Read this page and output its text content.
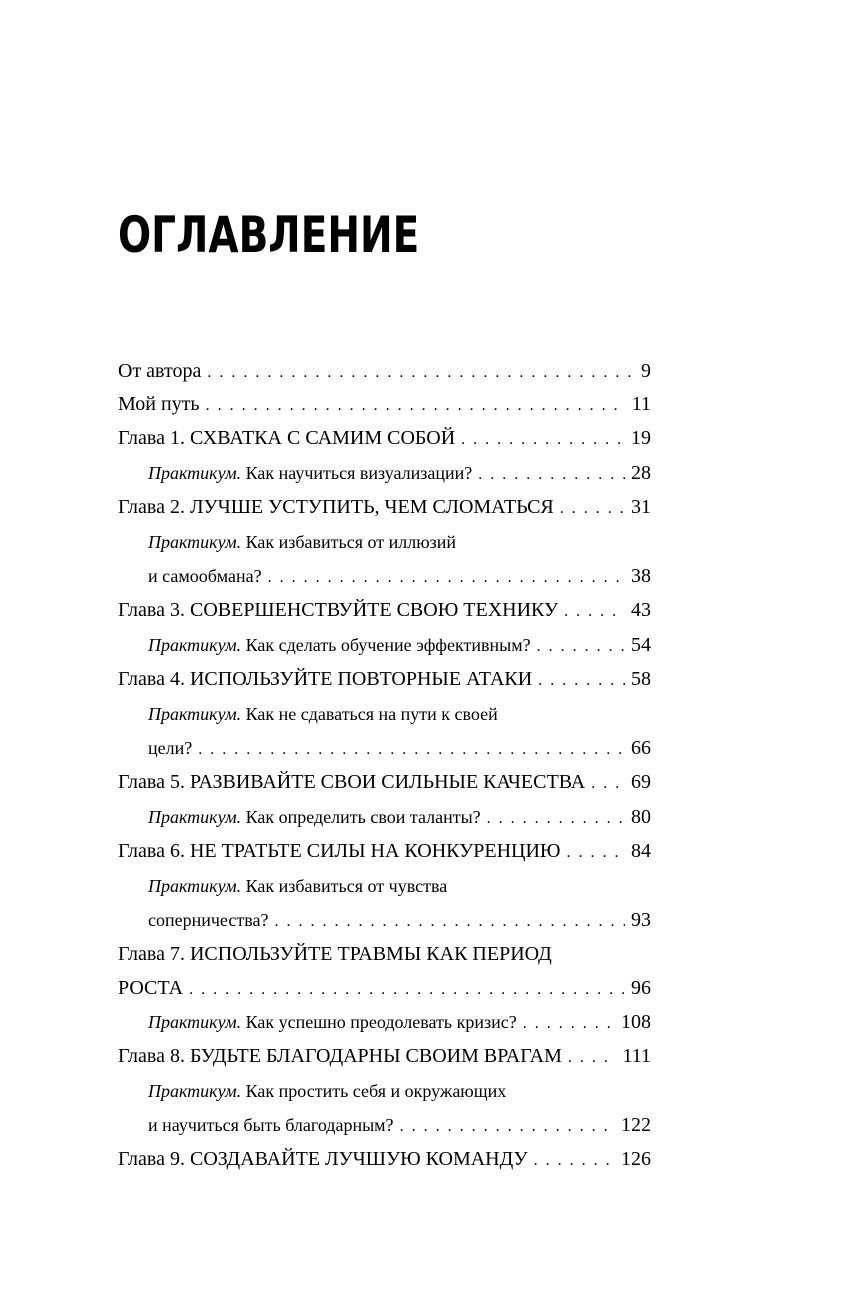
ОГЛАВЛЕНИЕ
От автора . . .	9
Мой путь . . .	11
Глава 1. СХВАТКА С САМИМ СОБОЙ . . .	19
Практикум. Как научиться визуализации? . . .	28
Глава 2. ЛУЧШЕ УСТУПИТЬ, ЧЕМ СЛОМАТЬСЯ . . .	31
Практикум. Как избавиться от иллюзий
и самообмана? . . .	38
Глава 3. СОВЕРШЕНСТВУЙТЕ СВОЮ ТЕХНИКУ . . .	43
Практикум. Как сделать обучение эффективным? . . .	54
Глава 4. ИСПОЛЬЗУЙТЕ ПОВТОРНЫЕ АТАКИ . . .	58
Практикум. Как не сдаваться на пути к своей
цели? . . .	66
Глава 5. РАЗВИВАЙТЕ СВОИ СИЛЬНЫЕ КАЧЕСТВА . . . 69
Практикум. Как определить свои таланты? . . .	80
Глава 6. НЕ ТРАТЬТЕ СИЛЫ НА КОНКУРЕНЦИЮ . . .	84
Практикум. Как избавиться от чувства
соперничества? . . .	93
Глава 7. ИСПОЛЬЗУЙТЕ ТРАВМЫ КАК ПЕРИОД
РОСТА . . .	96
Практикум. Как успешно преодолевать кризис? . . .	108
Глава 8. БУДЬТЕ БЛАГОДАРНЫ СВОИМ ВРАГАМ . . .	111
Практикум. Как простить себя и окружающих
и научиться быть благодарным? . . .	122
Глава 9. СОЗДАВАЙТЕ ЛУЧШУЮ КОМАНДУ . . .	126
